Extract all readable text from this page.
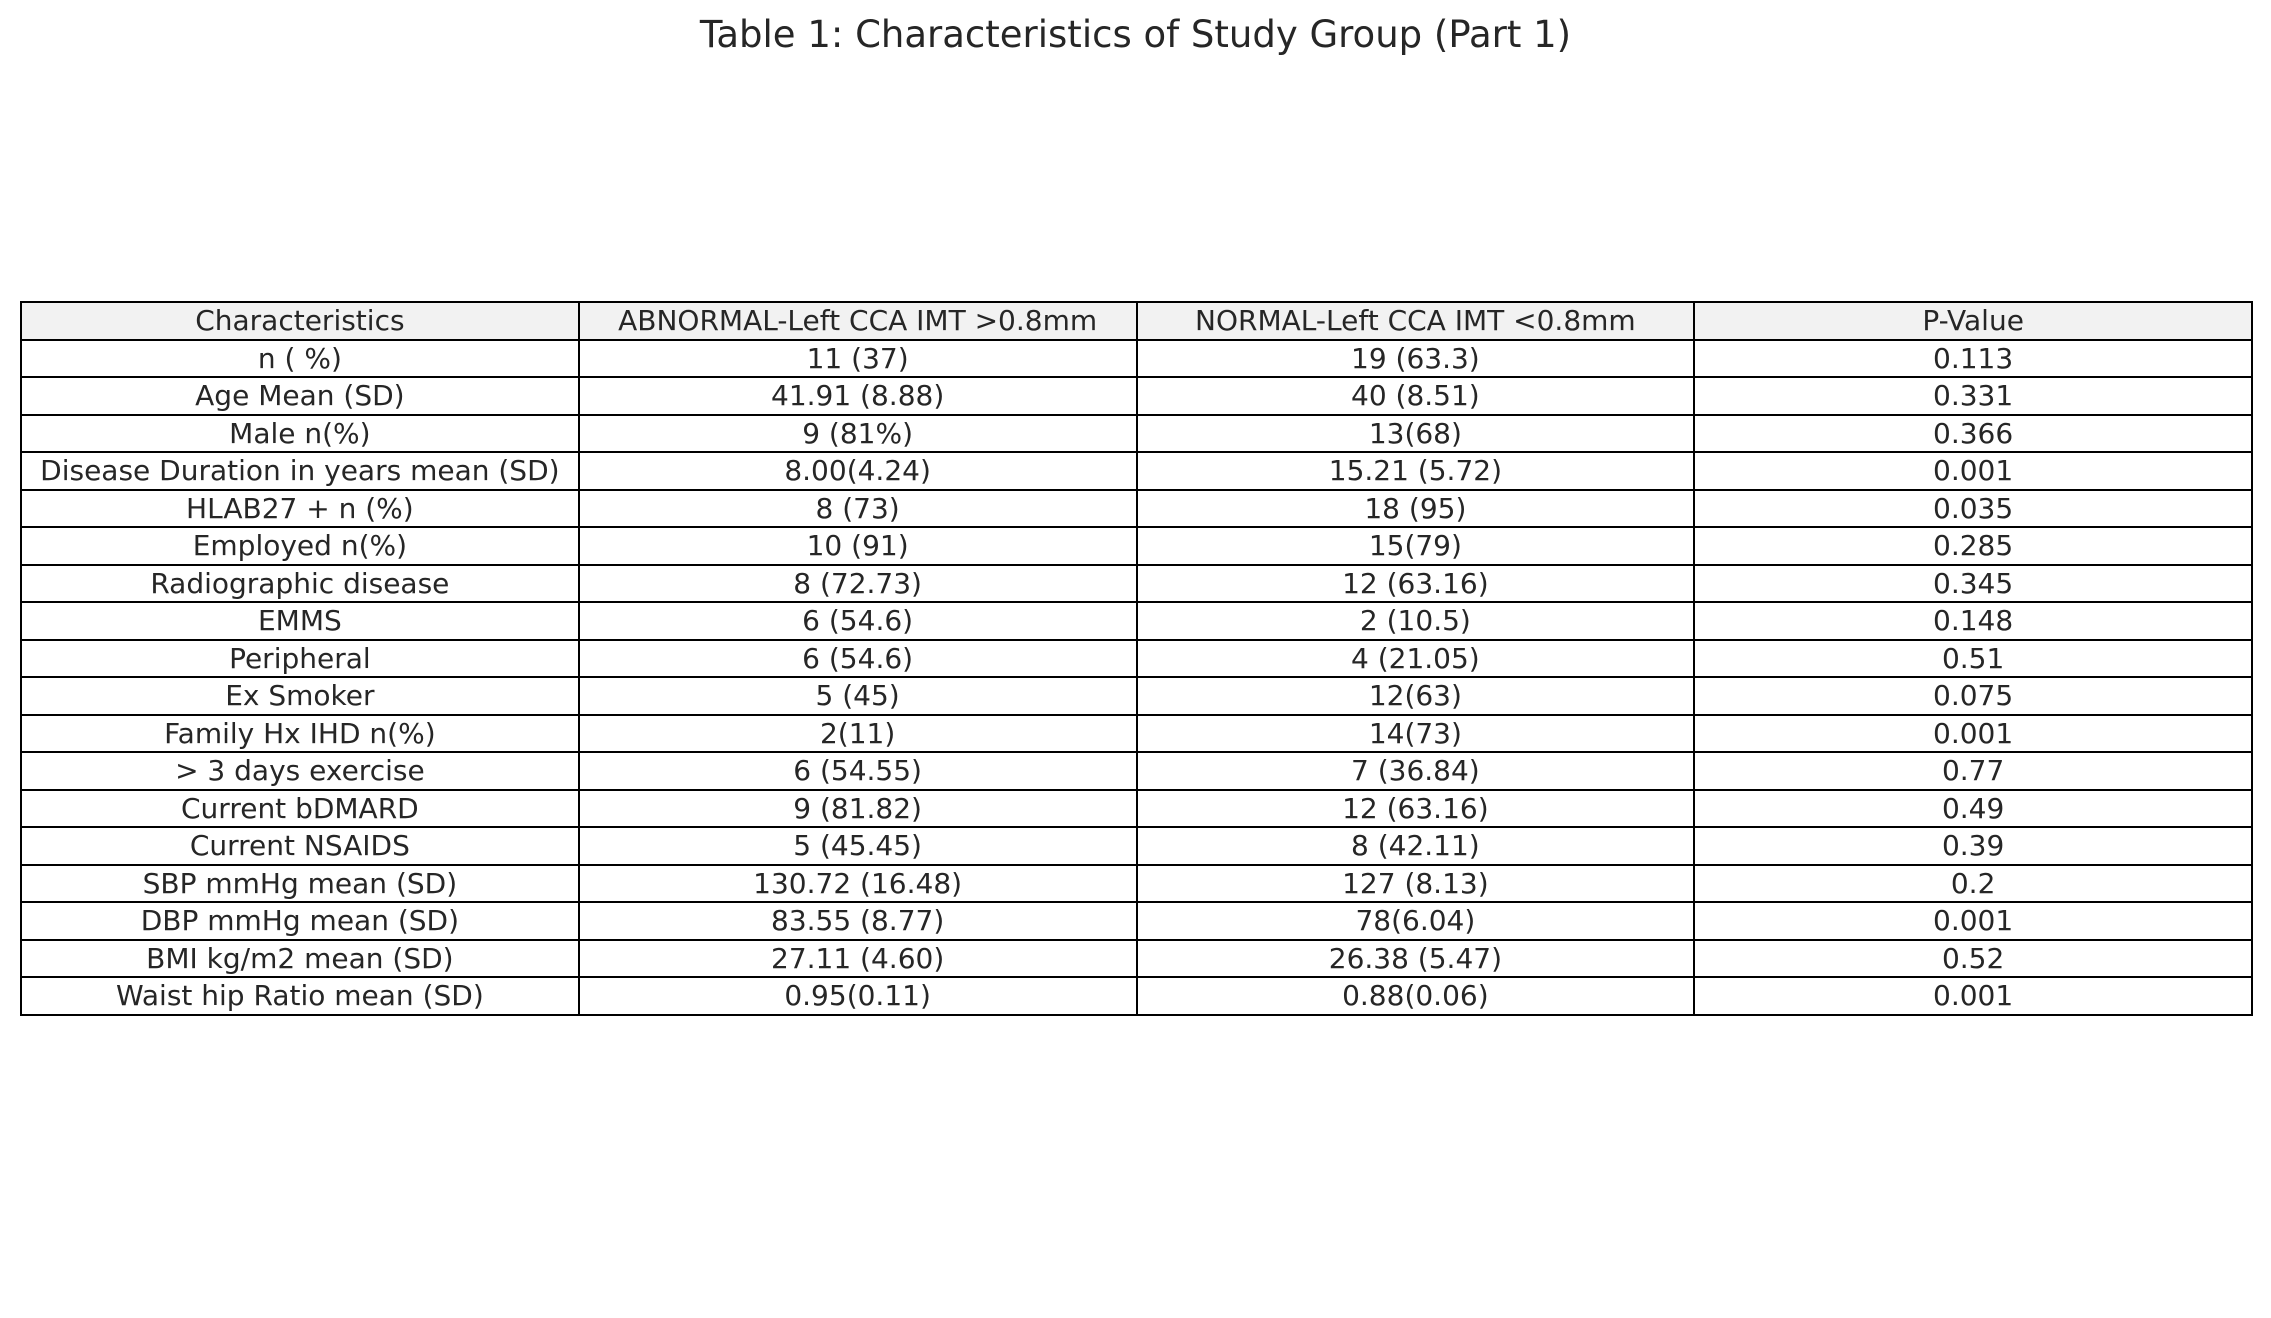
Table 1: Characteristics of Study Group (Part 1)
Characteristics	ABNORMAL-Left CCA IMT >0.8mm	NORMAL-Left CCA IMT <0.8mm	P-Value
n ( %)	11 (37)	19 (63.3)	0.113
Age Mean (SD)	41.91 (8.88)	40 (8.51)	0.331
Male n(%)	9 (81%)	13(68)	0.366
Disease Duration in years mean (SD)	8.00(4.24)	15.21 (5.72)	0.001
HLAB27 + n (%)	8 (73)	18 (95)	0.035
Employed n(%)	10 (91)	15(79)	0.285
Radiographic disease	8 (72.73)	12 (63.16)	0.345
EMMS	6 (54.6)	2 (10.5)	0.148
Peripheral	6 (54.6)	4 (21.05)	0.51
Ex Smoker	5 (45)	12(63)	0.075
Family Hx IHD n(%)	2(11)	14(73)	0.001
> 3 days exercise	6 (54.55)	7 (36.84)	0.77
Current bDMARD	9 (81.82)	12 (63.16)	0.49
Current NSAIDS	5 (45.45)	8 (42.11)	0.39
SBP mmHg mean (SD)	130.72 (16.48)	127 (8.13)	0.2
DBP mmHg mean (SD)	83.55 (8.77)	78(6.04)	0.001
BMI kg/m2 mean (SD)	27.11 (4.60)	26.38 (5.47)	0.52
Waist hip Ratio mean (SD)	0.95(0.11)	0.88(0.06)	0.001
